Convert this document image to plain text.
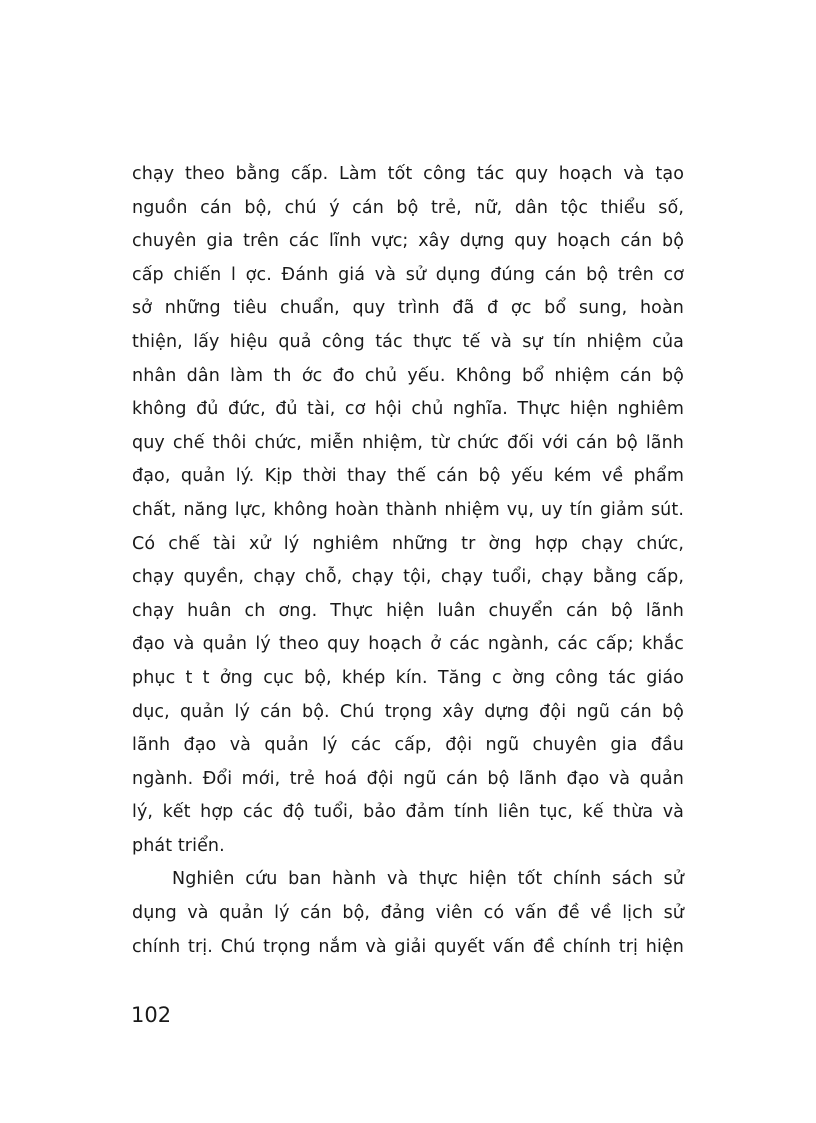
chạy theo bằng cấp. Làm tốt công tác quy hoạch và tạo
nguồn cán bộ, chú ý cán bộ trẻ, nữ, dân tộc thiểu số,
chuyên gia trên các lĩnh vực; xây dựng quy hoạch cán bộ
cấp chiến l ợc. Đánh giá và sử dụng đúng cán bộ trên cơ
sở những tiêu chuẩn, quy trình đã đ ợc bổ sung, hoàn
thiện, lấy hiệu quả công tác thực tế và sự tín nhiệm của
nhân dân làm th ớc đo chủ yếu. Không bổ nhiệm cán bộ
không đủ đức, đủ tài, cơ hội chủ nghĩa. Thực hiện nghiêm
quy chế thôi chức, miễn nhiệm, từ chức đối với cán bộ lãnh
đạo, quản lý. Kịp thời thay thế cán bộ yếu kém về phẩm
chất, năng lực, không hoàn thành nhiệm vụ, uy tín giảm sút.
Có chế tài xử lý nghiêm những tr ờng hợp chạy chức,
chạy quyền, chạy chỗ, chạy tội, chạy tuổi, chạy bằng cấp,
chạy huân ch ơng. Thực hiện luân chuyển cán bộ lãnh
đạo và quản lý theo quy hoạch ở các ngành, các cấp; khắc
phục t t ởng cục bộ, khép kín. Tăng c ờng công tác giáo
dục, quản lý cán bộ. Chú trọng xây dựng đội ngũ cán bộ
lãnh đạo và quản lý các cấp, đội ngũ chuyên gia đầu
ngành. Đổi mới, trẻ hoá đội ngũ cán bộ lãnh đạo và quản
lý, kết hợp các độ tuổi, bảo đảm tính liên tục, kế thừa và
phát triển.
Nghiên cứu ban hành và thực hiện tốt chính sách sử
dụng và quản lý cán bộ, đảng viên có vấn đề về lịch sử
chính trị. Chú trọng nắm và giải quyết vấn đề chính trị hiện
102
